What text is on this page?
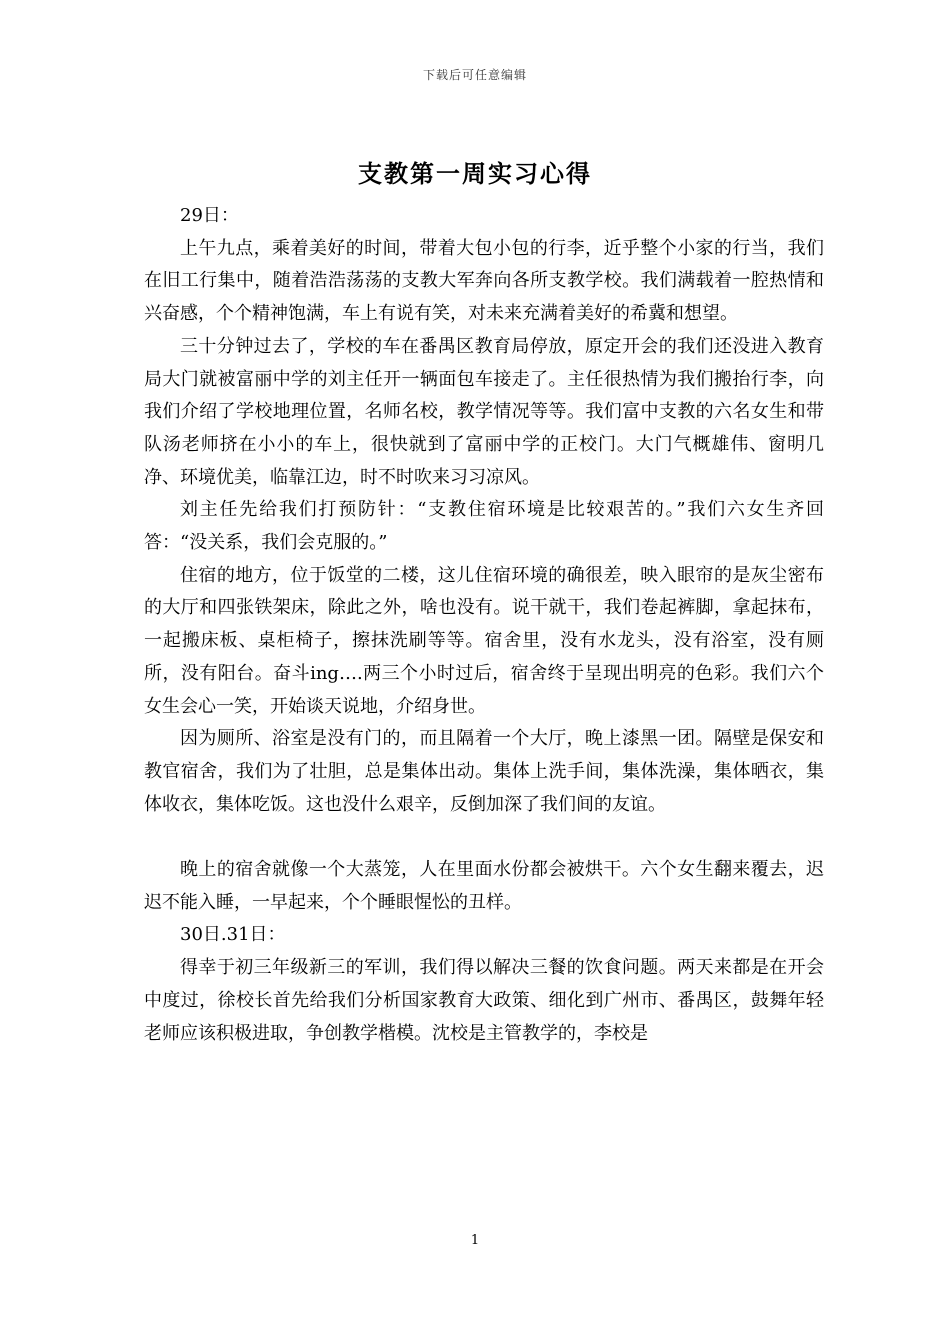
下载后可任意编辑
支教第一周实习心得

29日：

上午九点，乘着美好的时间，带着大包小包的行李，近乎整个小家的行当，我们在旧工行集中，随着浩浩荡荡的支教大军奔向各所支教学校。我们满载着一腔热情和兴奋感，个个精神饱满，车上有说有笑，对未来充满着美好的希冀和想望。

三十分钟过去了，学校的车在番禺区教育局停放，原定开会的我们还没进入教育局大门就被富丽中学的刘主任开一辆面包车接走了。主任很热情为我们搬抬行李，向我们介绍了学校地理位置，名师名校，教学情况等等。我们富中支教的六名女生和带队汤老师挤在小小的车上，很快就到了富丽中学的正校门。大门气概雄伟、窗明几净、环境优美，临靠江边，时不时吹来习习凉风。

刘主任先给我们打预防针：“支教住宿环境是比较艰苦的。”我们六女生齐回答：“没关系，我们会克服的。”

住宿的地方，位于饭堂的二楼，这儿住宿环境的确很差，映入眼帘的是灰尘密布的大厅和四张铁架床，除此之外，啥也没有。说干就干，我们卷起裤脚，拿起抹布，一起搬床板、桌柜椅子，擦抹洗刷等等。宿舍里，没有水龙头，没有浴室，没有厕所，没有阳台。奋斗ing….两三个小时过后，宿舍终于呈现出明亮的色彩。我们六个女生会心一笑，开始谈天说地，介绍身世。

因为厕所、浴室是没有门的，而且隔着一个大厅，晚上漆黑一团。隔壁是保安和教官宿舍，我们为了壮胆，总是集体出动。集体上洗手间，集体洗澡，集体晒衣，集体收衣，集体吃饭。这也没什么艰辛，反倒加深了我们间的友谊。

晚上的宿舍就像一个大蒸笼，人在里面水份都会被烘干。六个女生翻来覆去，迟迟不能入睡，一早起来，个个睡眼惺忪的丑样。

30日.31日：

得幸于初三年级新三的军训，我们得以解决三餐的饮食问题。两天来都是在开会中度过，徐校长首先给我们分析国家教育大政策、细化到广州市、番禺区，鼓舞年轻老师应该积极进取，争创教学楷模。沈校是主管教学的，李校是

1
